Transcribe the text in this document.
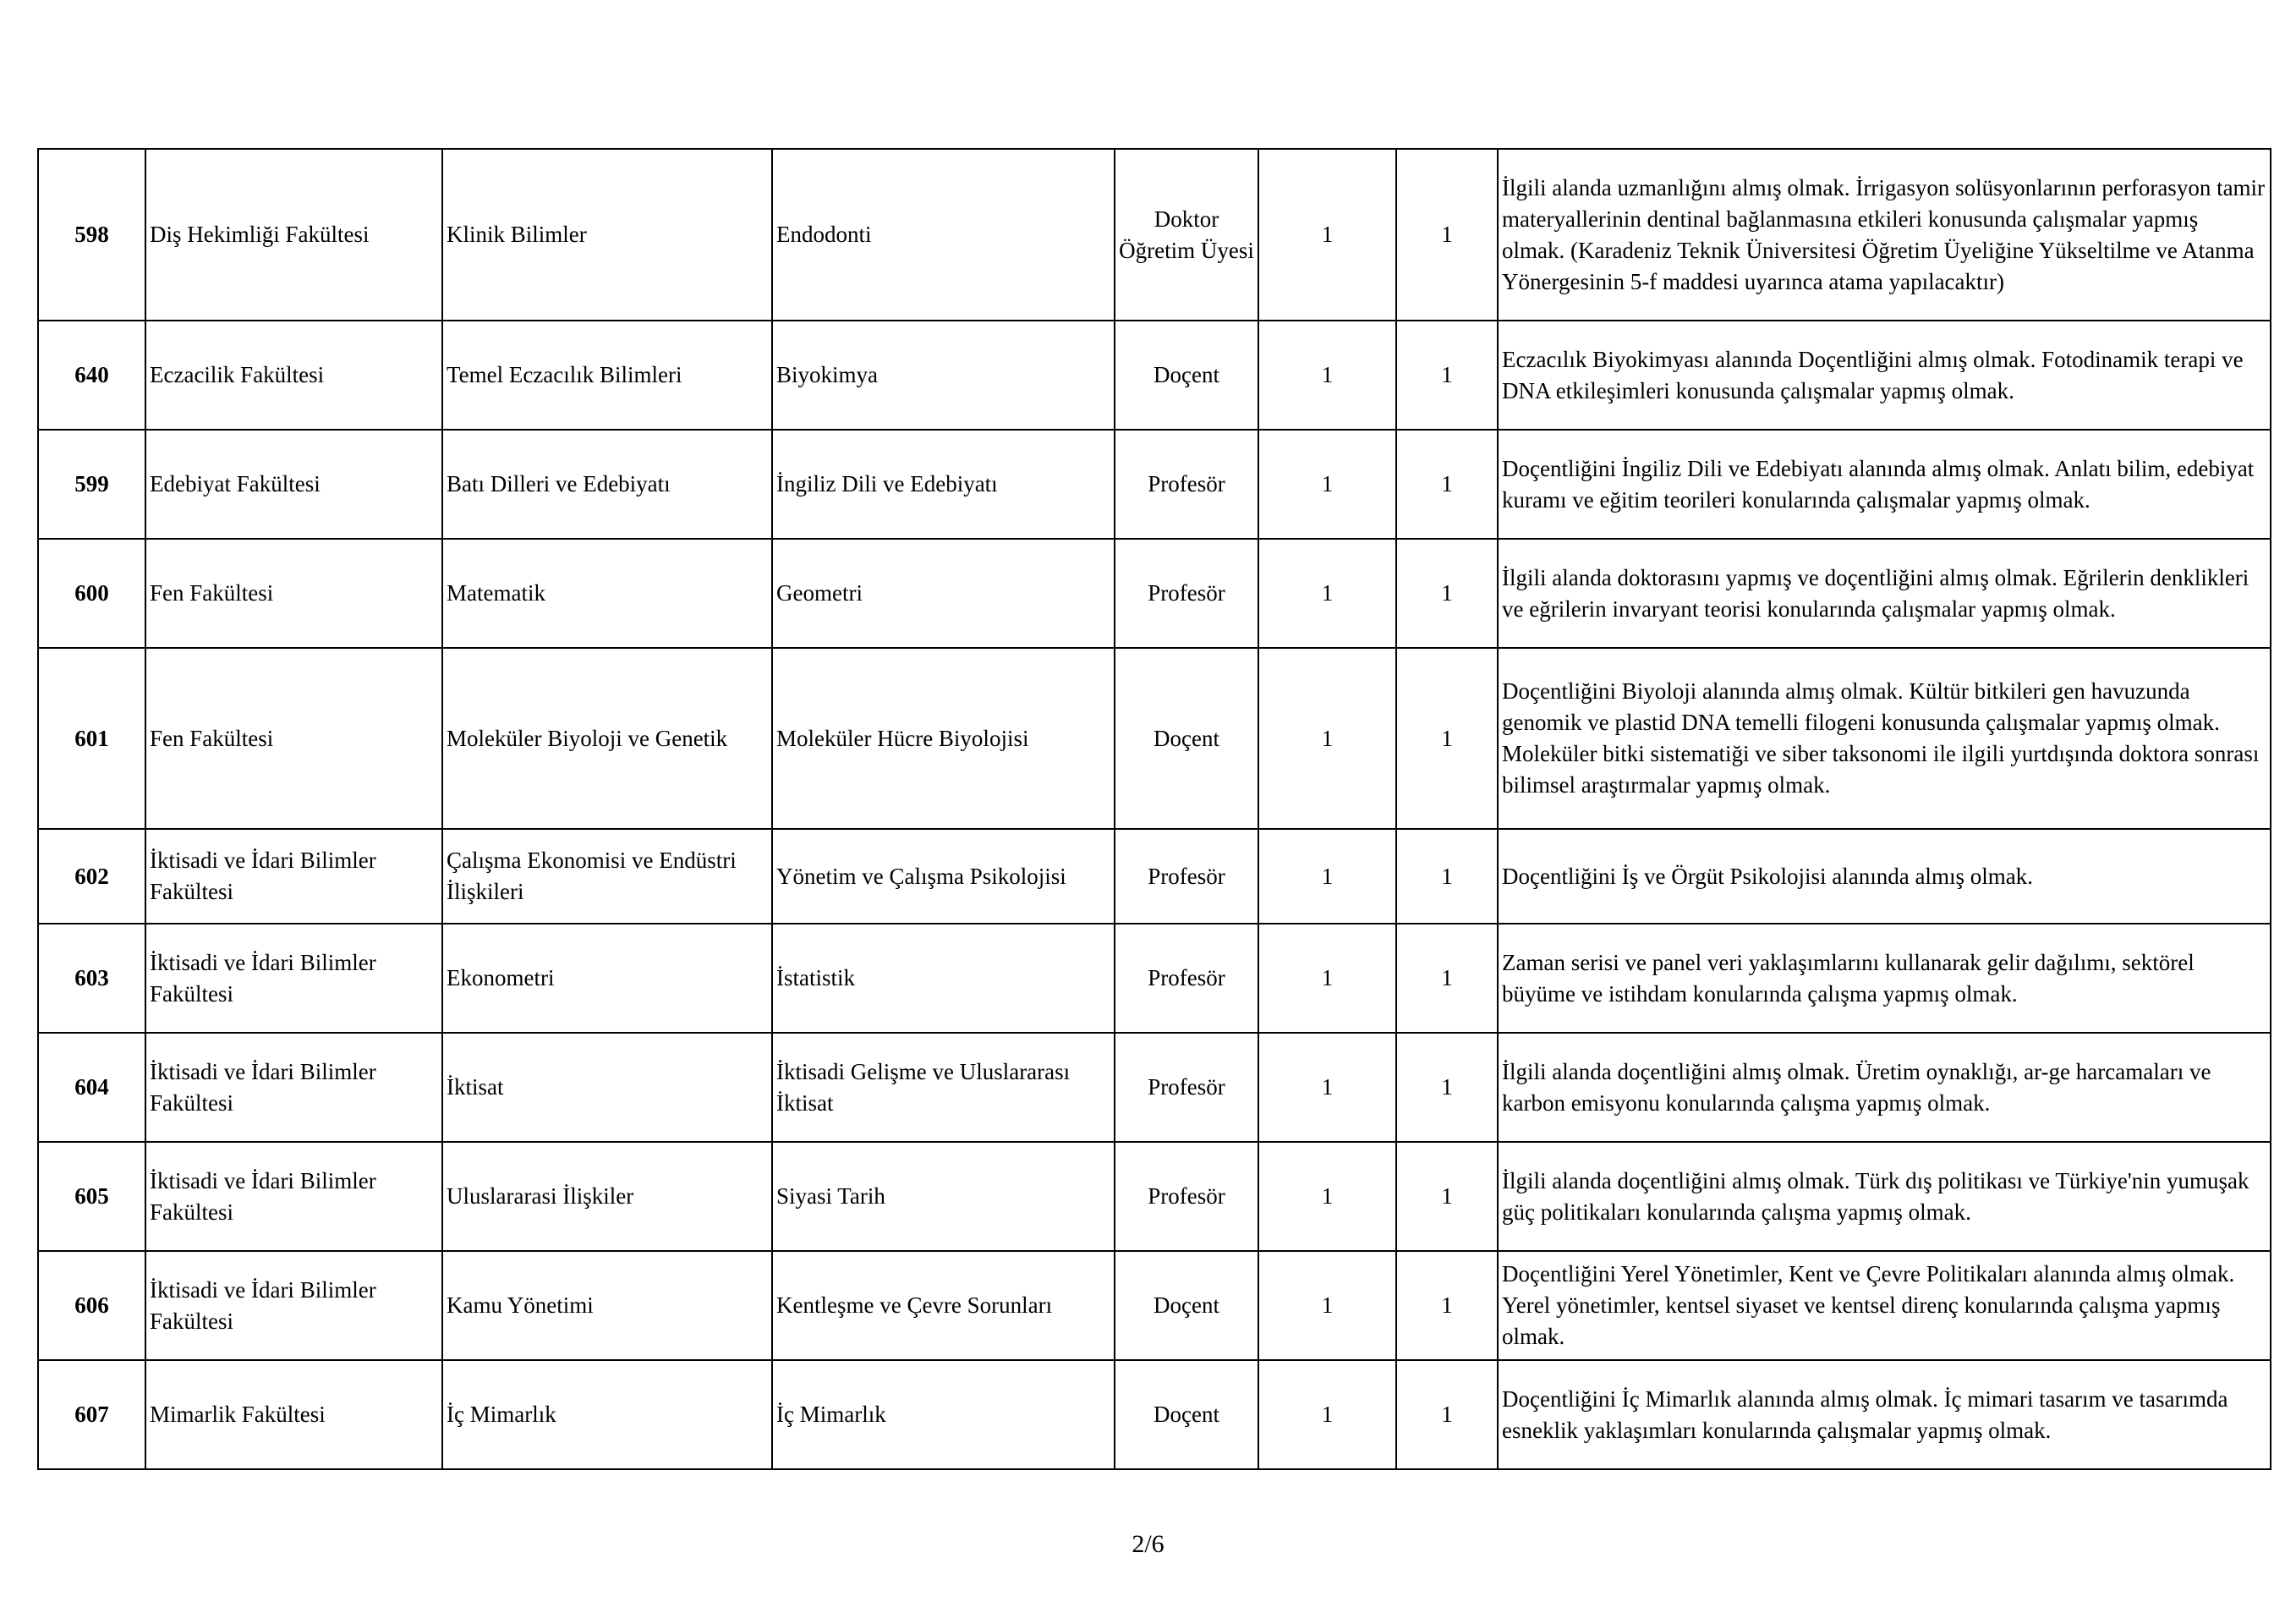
598	Diş Hekimliği Fakültesi	Klinik Bilimler	Endodonti	Doktor Öğretim Üyesi	1	1	İlgili alanda uzmanlığını almış olmak. İrrigasyon solüsyonlarının perforasyon tamir materyallerinin dentinal bağlanmasına etkileri konusunda çalışmalar yapmış olmak. (Karadeniz Teknik Üniversitesi Öğretim Üyeliğine Yükseltilme ve Atanma Yönergesinin 5-f maddesi uyarınca atama yapılacaktır)
640	Eczacilik Fakültesi	Temel Eczacılık Bilimleri	Biyokimya	Doçent	1	1	Eczacılık Biyokimyası alanında Doçentliğini almış olmak. Fotodinamik terapi ve DNA etkileşimleri konusunda çalışmalar yapmış olmak.
599	Edebiyat Fakültesi	Batı Dilleri ve Edebiyatı	İngiliz Dili ve Edebiyatı	Profesör	1	1	Doçentliğini İngiliz Dili ve Edebiyatı alanında almış olmak. Anlatı bilim, edebiyat kuramı ve eğitim teorileri konularında çalışmalar yapmış olmak.
600	Fen Fakültesi	Matematik	Geometri	Profesör	1	1	İlgili alanda doktorasını yapmış ve doçentliğini almış olmak. Eğrilerin denklikleri ve eğrilerin invaryant teorisi konularında çalışmalar yapmış olmak.
601	Fen Fakültesi	Moleküler Biyoloji ve Genetik	Moleküler Hücre Biyolojisi	Doçent	1	1	Doçentliğini Biyoloji alanında almış olmak. Kültür bitkileri gen havuzunda genomik ve plastid DNA temelli filogeni konusunda çalışmalar yapmış olmak. Moleküler bitki sistematiği ve siber taksonomi ile ilgili yurtdışında doktora sonrası bilimsel araştırmalar yapmış olmak.
602	İktisadi ve İdari Bilimler Fakültesi	Çalışma Ekonomisi ve Endüstri İlişkileri	Yönetim ve Çalışma Psikolojisi	Profesör	1	1	Doçentliğini İş ve Örgüt Psikolojisi alanında almış olmak.
603	İktisadi ve İdari Bilimler Fakültesi	Ekonometri	İstatistik	Profesör	1	1	Zaman serisi ve panel veri yaklaşımlarını kullanarak gelir dağılımı, sektörel büyüme ve istihdam konularında çalışma yapmış olmak.
604	İktisadi ve İdari Bilimler Fakültesi	İktisat	İktisadi Gelişme ve Uluslararası İktisat	Profesör	1	1	İlgili alanda doçentliğini almış olmak. Üretim oynaklığı, ar-ge harcamaları ve karbon emisyonu konularında çalışma yapmış olmak.
605	İktisadi ve İdari Bilimler Fakültesi	Uluslararasi İlişkiler	Siyasi Tarih	Profesör	1	1	İlgili alanda doçentliğini almış olmak. Türk dış politikası ve Türkiye'nin yumuşak güç politikaları konularında çalışma yapmış olmak.
606	İktisadi ve İdari Bilimler Fakültesi	Kamu Yönetimi	Kentleşme ve Çevre Sorunları	Doçent	1	1	Doçentliğini Yerel Yönetimler, Kent ve Çevre Politikaları alanında almış olmak. Yerel yönetimler, kentsel siyaset ve kentsel direnç konularında çalışma yapmış olmak.
607	Mimarlik Fakültesi	İç Mimarlık	İç Mimarlık	Doçent	1	1	Doçentliğini İç Mimarlık alanında almış olmak. İç mimari tasarım ve tasarımda esneklik yaklaşımları konularında çalışmalar yapmış olmak.
2/6
